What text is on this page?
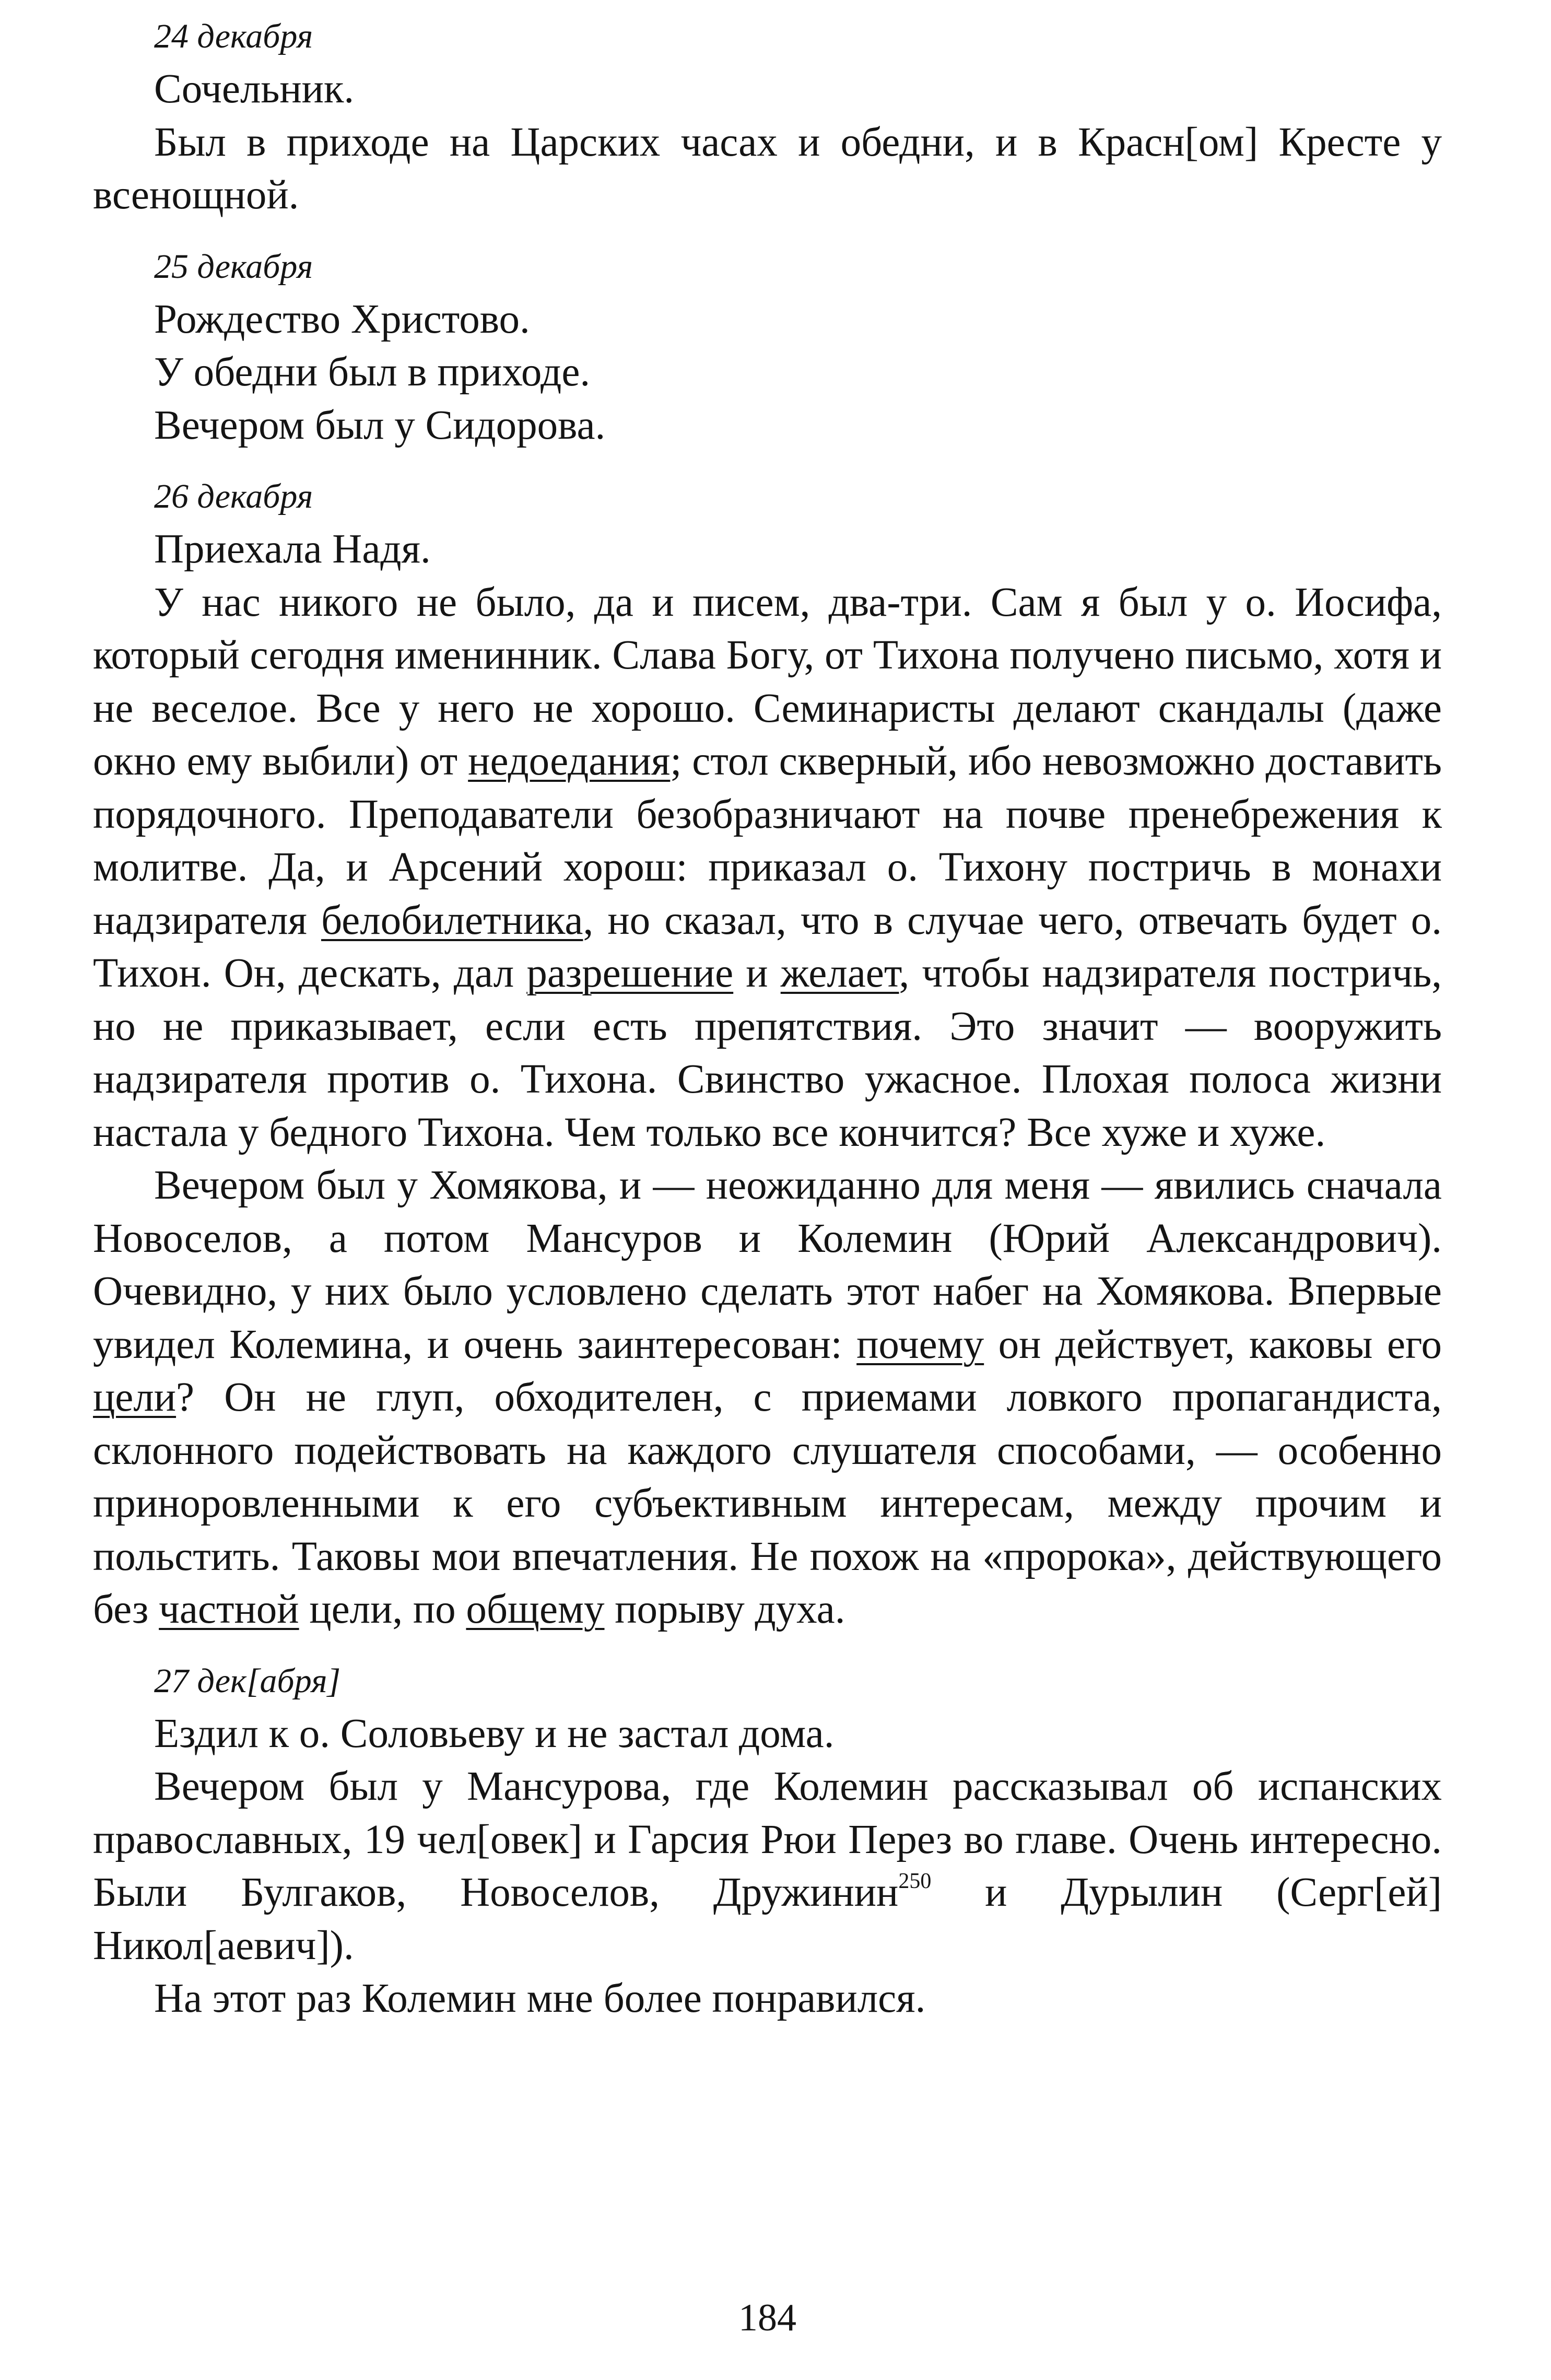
24 декабря

Сочельник.

Был в приходе на Царских часах и обедни, и в Красн[ом] Кресте у всенощной.

25 декабря

Рождество Христово.

У обедни был в приходе.

Вечером был у Сидорова.

26 декабря

Приехала Надя.

У нас никого не было, да и писем, два-три. Сам я был у о. Иосифа, который сегодня именинник. Слава Богу, от Тихона получено письмо, хотя и не веселое. Все у него не хорошо. Семинаристы делают скандалы (даже окно ему выбили) от недоедания; стол скверный, ибо невозможно доставить порядочного. Преподаватели безобразничают на почве пренебрежения к молитве. Да, и Арсений хорош: приказал о. Тихону постричь в монахи надзирателя белобилетника, но сказал, что в случае чего, отвечать будет о. Тихон. Он, дескать, дал разрешение и желает, чтобы надзирателя постричь, но не приказывает, если есть препятствия. Это значит — вооружить надзирателя против о. Тихона. Свинство ужасное. Плохая полоса жизни настала у бедного Тихона. Чем только все кончится? Все хуже и хуже.

Вечером был у Хомякова, и — неожиданно для меня — явились сначала Новоселов, а потом Мансуров и Колемин (Юрий Александрович). Очевидно, у них было условлено сделать этот набег на Хомякова. Впервые увидел Колемина, и очень заинтересован: почему он действует, каковы его цели? Он не глуп, обходителен, с приемами ловкого пропагандиста, склонного подействовать на каждого слушателя способами, — особенно приноровленными к его субъективным интересам, между прочим и польстить. Таковы мои впечатления. Не похож на «пророка», действующего без частной цели, по общему порыву духа.

27 дек[абря]

Ездил к о. Соловьеву и не застал дома.

Вечером был у Мансурова, где Колемин рассказывал об испанских православных, 19 чел[овек] и Гарсия Рюи Перез во главе. Очень интересно. Были Булгаков, Новоселов, Дружинин$^{250}$ и Дурылин (Серг[ей] Никол[аевич]).

На этот раз Колемин мне более понравился.

184
